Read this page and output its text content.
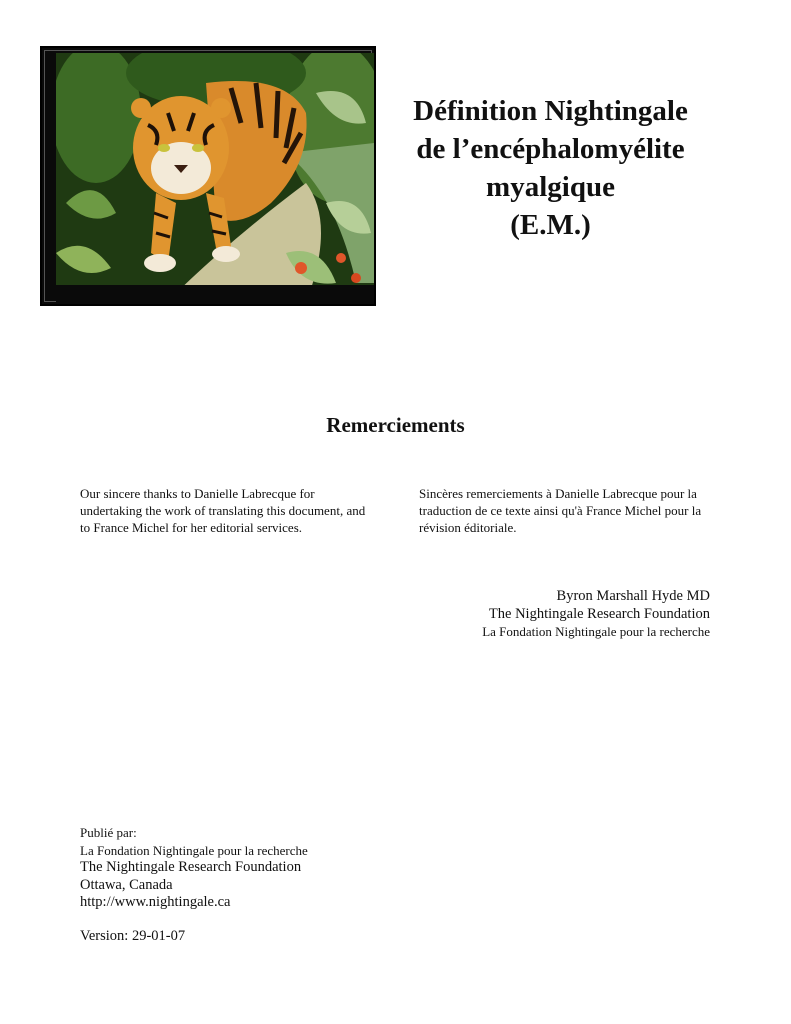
Définition Nightingale
de l’encéphalomyélite
myalgique
(E.M.)
Remerciements

Our sincere thanks to Danielle Labrecque for undertaking the work of translating this document, and to France Michel for her editorial services.

Sincères remerciements à Danielle Labrecque pour la traduction de ce texte ainsi qu'à France Michel pour la révision éditoriale.

Byron Marshall Hyde MD
The Nightingale Research Foundation
La Fondation Nightingale pour la recherche
Publié par:
La Fondation Nightingale pour la recherche
The Nightingale Research Foundation
Ottawa, Canada
http://www.nightingale.ca
Version: 29-01-07
